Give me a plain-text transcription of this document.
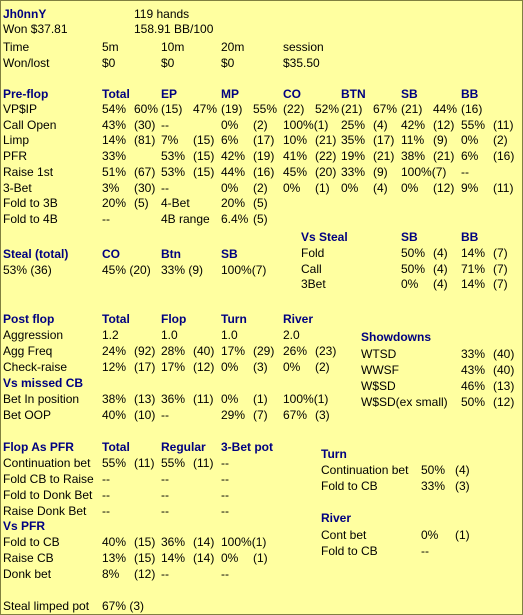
Jh0nnY	119 hands
Won $37.81	158.91 BB/100
Time	5m	10m	20m	session
Won/lost	$0	$0	$0	$35.50
Pre-flop	Total	EP	MP	CO	BTN	SB	BB
VP$IP	54% 60% (15) 47% (19) 55% (22) 52% (21) 67% (21) 44% (16)
Call Open	43% (30) --	0% (2) 100%(1) 25% (4) 42% (12) 55% (11)
Limp	14% (81) 7% (15) 6% (17) 10% (21) 35% (17) 11% (9) 0% (2)
PFR	33%	53% (15) 42% (19) 41% (22) 19% (21) 38% (21) 6% (16)
Raise 1st	51% (67) 53% (15) 44% (16) 45% (20) 33% (9) 100%(7) --
3-Bet	3% (30) --	0% (2) 0% (1) 0% (4) 0% (12) 9% (11)
Fold to 3B	20% (5) 4-Bet	20% (5)
Fold to 4B	--	4B range 6.4% (5)
Steal (total)
53% (36)
CO	Btn	SB
45% (20) 33% (9) 100%(7)
Vs Steal	SB	BB
Fold	50% (4) 14% (7)
Call	50% (4) 71% (7)
3Bet	0% (4) 14% (7)
Post flop	Total	Flop	Turn	River
Aggression	1.2	1.0	1.0	2.0
Agg Freq	24% (92) 28% (40) 17% (29) 26% (23)
Check-raise	12% (17) 17% (12) 0% (3) 0% (2)
Vs missed CB
Bet In position 38% (13) 36% (11) 0% (1) 100%(1)
Bet OOP	40% (10) --	29% (7) 67% (3)
Showdowns
WTSD	33% (40)
WWSF	43% (40)
W$SD	46% (13)
W$SD(ex small) 50% (12)
Flop As PFR Total	Regular 3-Bet pot
Continuation bet 55% (11) 55% (11) --
Fold CB to Raise --	--	--
Fold to Donk Bet --	--	--
Raise Donk Bet --	--	--
Vs PFR
Fold to CB	40% (15) 36% (14) 100%(1)
Raise CB	13% (15) 14% (14) 0% (1)
Donk bet	8% (12) --	--
Steal limped pot 67% (3)
Turn
Continuation bet 50% (4)
Fold to CB	33% (3)
River
Cont bet	0% (1)
Fold to CB	--
